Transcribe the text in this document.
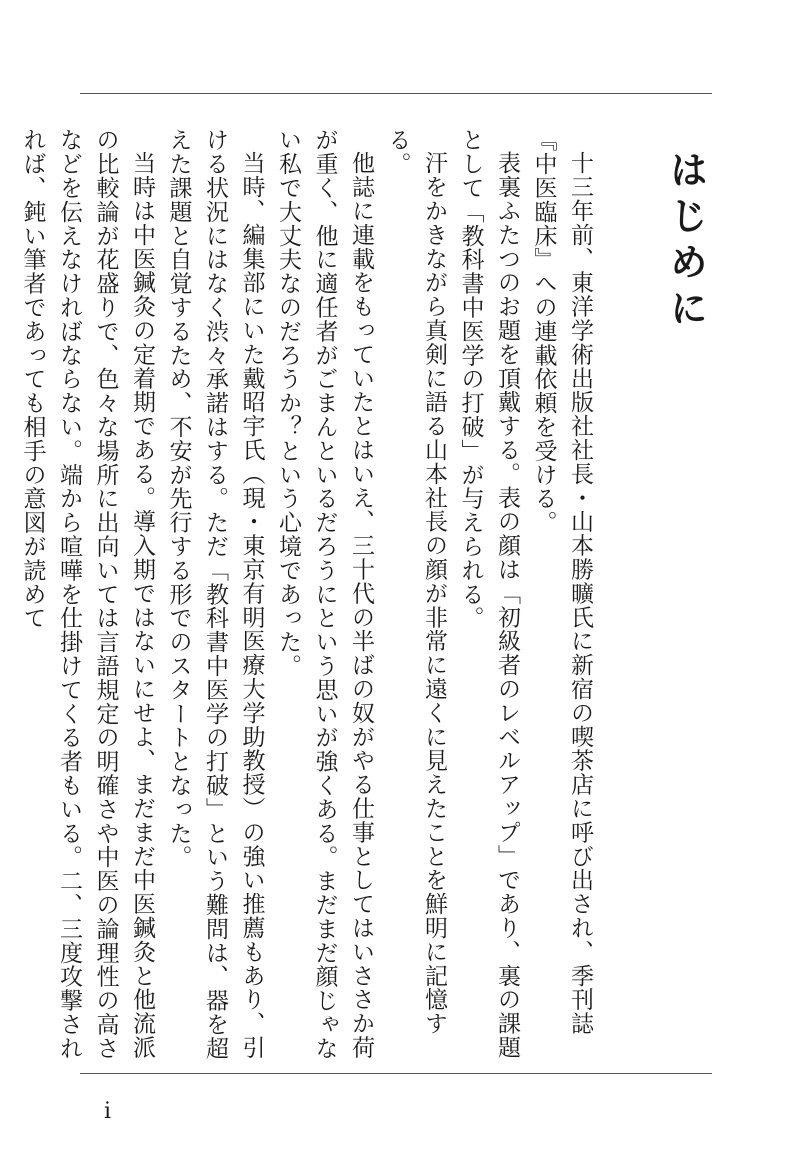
はじめに

十三年前、東洋学術出版社社長・山本勝曠氏に新宿の喫茶店に呼び出され、季刊誌『中医臨床』への連載依頼を受ける。

表裏ふたつのお題を頂戴する。表の顔は「初級者のレベルアップ」であり、裏の課題として「教科書中医学の打破」が与えられる。

汗をかきながら真剣に語る山本社長の顔が非常に遠くに見えたことを鮮明に記憶する。

他誌に連載をもっていたとはいえ、三十代の半ばの奴がやる仕事としてはいささか荷が重く、他に適任者がごまんといるだろうにという思いが強くある。まだまだ顔じゃない私で大丈夫なのだろうか？という心境であった。

当時、編集部にいた戴昭宇氏（現・東京有明医療大学助教授）の強い推薦もあり、引ける状況にはなく渋々承諾はする。ただ「教科書中医学の打破」という難問は、器を超えた課題と自覚するため、不安が先行する形でのスタートとなった。

当時は中医鍼灸の定着期である。導入期ではないにせよ、まだまだ中医鍼灸と他流派の比較論が花盛りで、色々な場所に出向いては言語規定の明確さや中医の論理性の高さなどを伝えなければならない。端から喧嘩を仕掛けてくる者もいる。二、三度攻撃されれば、鈍い筆者であっても相手の意図が読めて

i
